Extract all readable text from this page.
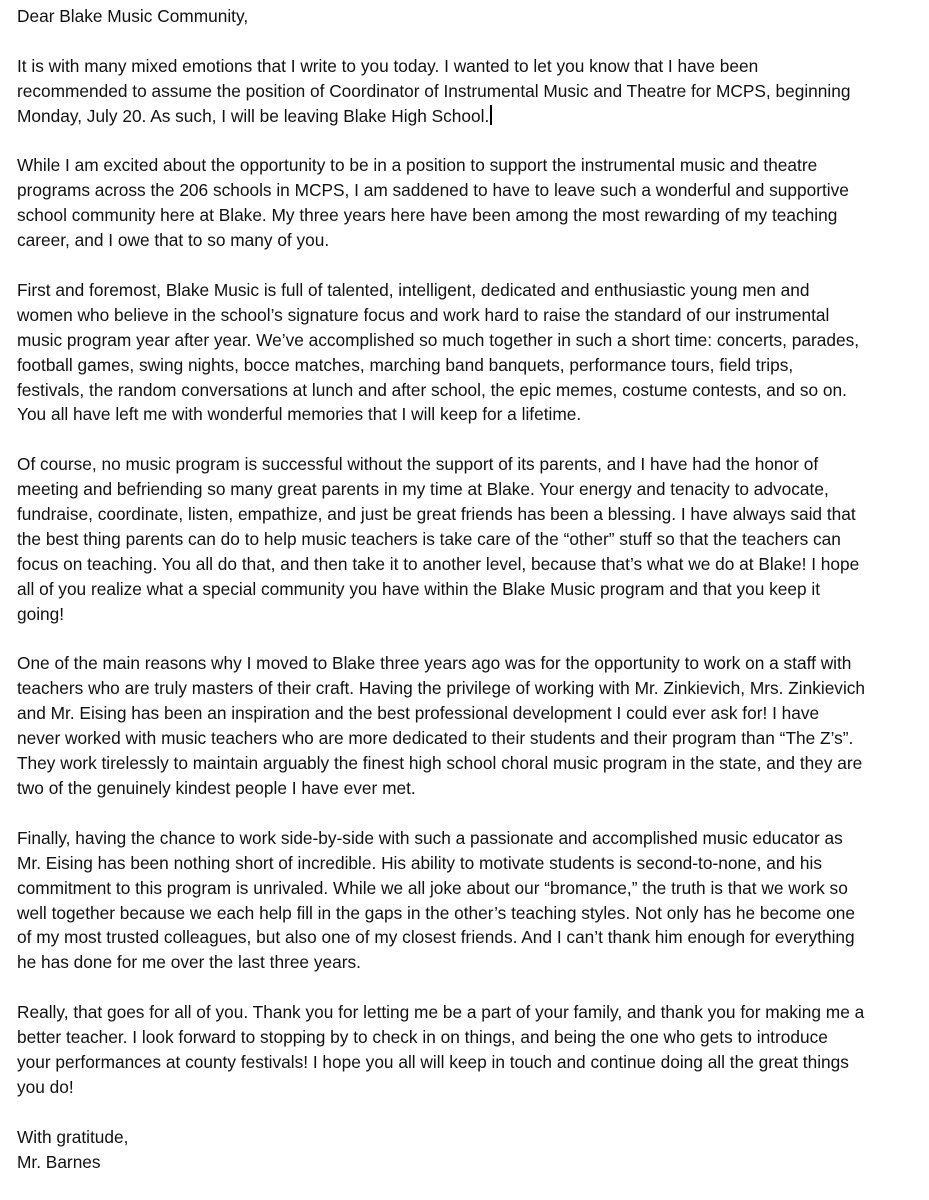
Dear Blake Music Community,

It is with many mixed emotions that I write to you today. I wanted to let you know that I have been
recommended to assume the position of Coordinator of Instrumental Music and Theatre for MCPS, beginning
Monday, July 20. As such, I will be leaving Blake High School.

While I am excited about the opportunity to be in a position to support the instrumental music and theatre
programs across the 206 schools in MCPS, I am saddened to have to leave such a wonderful and supportive
school community here at Blake. My three years here have been among the most rewarding of my teaching
career, and I owe that to so many of you.

First and foremost, Blake Music is full of talented, intelligent, dedicated and enthusiastic young men and
women who believe in the school’s signature focus and work hard to raise the standard of our instrumental
music program year after year. We’ve accomplished so much together in such a short time: concerts, parades,
football games, swing nights, bocce matches, marching band banquets, performance tours, field trips,
festivals, the random conversations at lunch and after school, the epic memes, costume contests, and so on.
You all have left me with wonderful memories that I will keep for a lifetime.

Of course, no music program is successful without the support of its parents, and I have had the honor of
meeting and befriending so many great parents in my time at Blake. Your energy and tenacity to advocate,
fundraise, coordinate, listen, empathize, and just be great friends has been a blessing. I have always said that
the best thing parents can do to help music teachers is take care of the “other” stuff so that the teachers can
focus on teaching. You all do that, and then take it to another level, because that’s what we do at Blake! I hope
all of you realize what a special community you have within the Blake Music program and that you keep it
going!

One of the main reasons why I moved to Blake three years ago was for the opportunity to work on a staff with
teachers who are truly masters of their craft. Having the privilege of working with Mr. Zinkievich, Mrs. Zinkievich
and Mr. Eising has been an inspiration and the best professional development I could ever ask for! I have
never worked with music teachers who are more dedicated to their students and their program than “The Z’s”.
They work tirelessly to maintain arguably the finest high school choral music program in the state, and they are
two of the genuinely kindest people I have ever met.

Finally, having the chance to work side-by-side with such a passionate and accomplished music educator as
Mr. Eising has been nothing short of incredible. His ability to motivate students is second-to-none, and his
commitment to this program is unrivaled. While we all joke about our “bromance,” the truth is that we work so
well together because we each help fill in the gaps in the other’s teaching styles. Not only has he become one
of my most trusted colleagues, but also one of my closest friends. And I can’t thank him enough for everything
he has done for me over the last three years.

Really, that goes for all of you. Thank you for letting me be a part of your family, and thank you for making me a
better teacher. I look forward to stopping by to check in on things, and being the one who gets to introduce
your performances at county festivals! I hope you all will keep in touch and continue doing all the great things
you do!

With gratitude,

Mr. Barnes
